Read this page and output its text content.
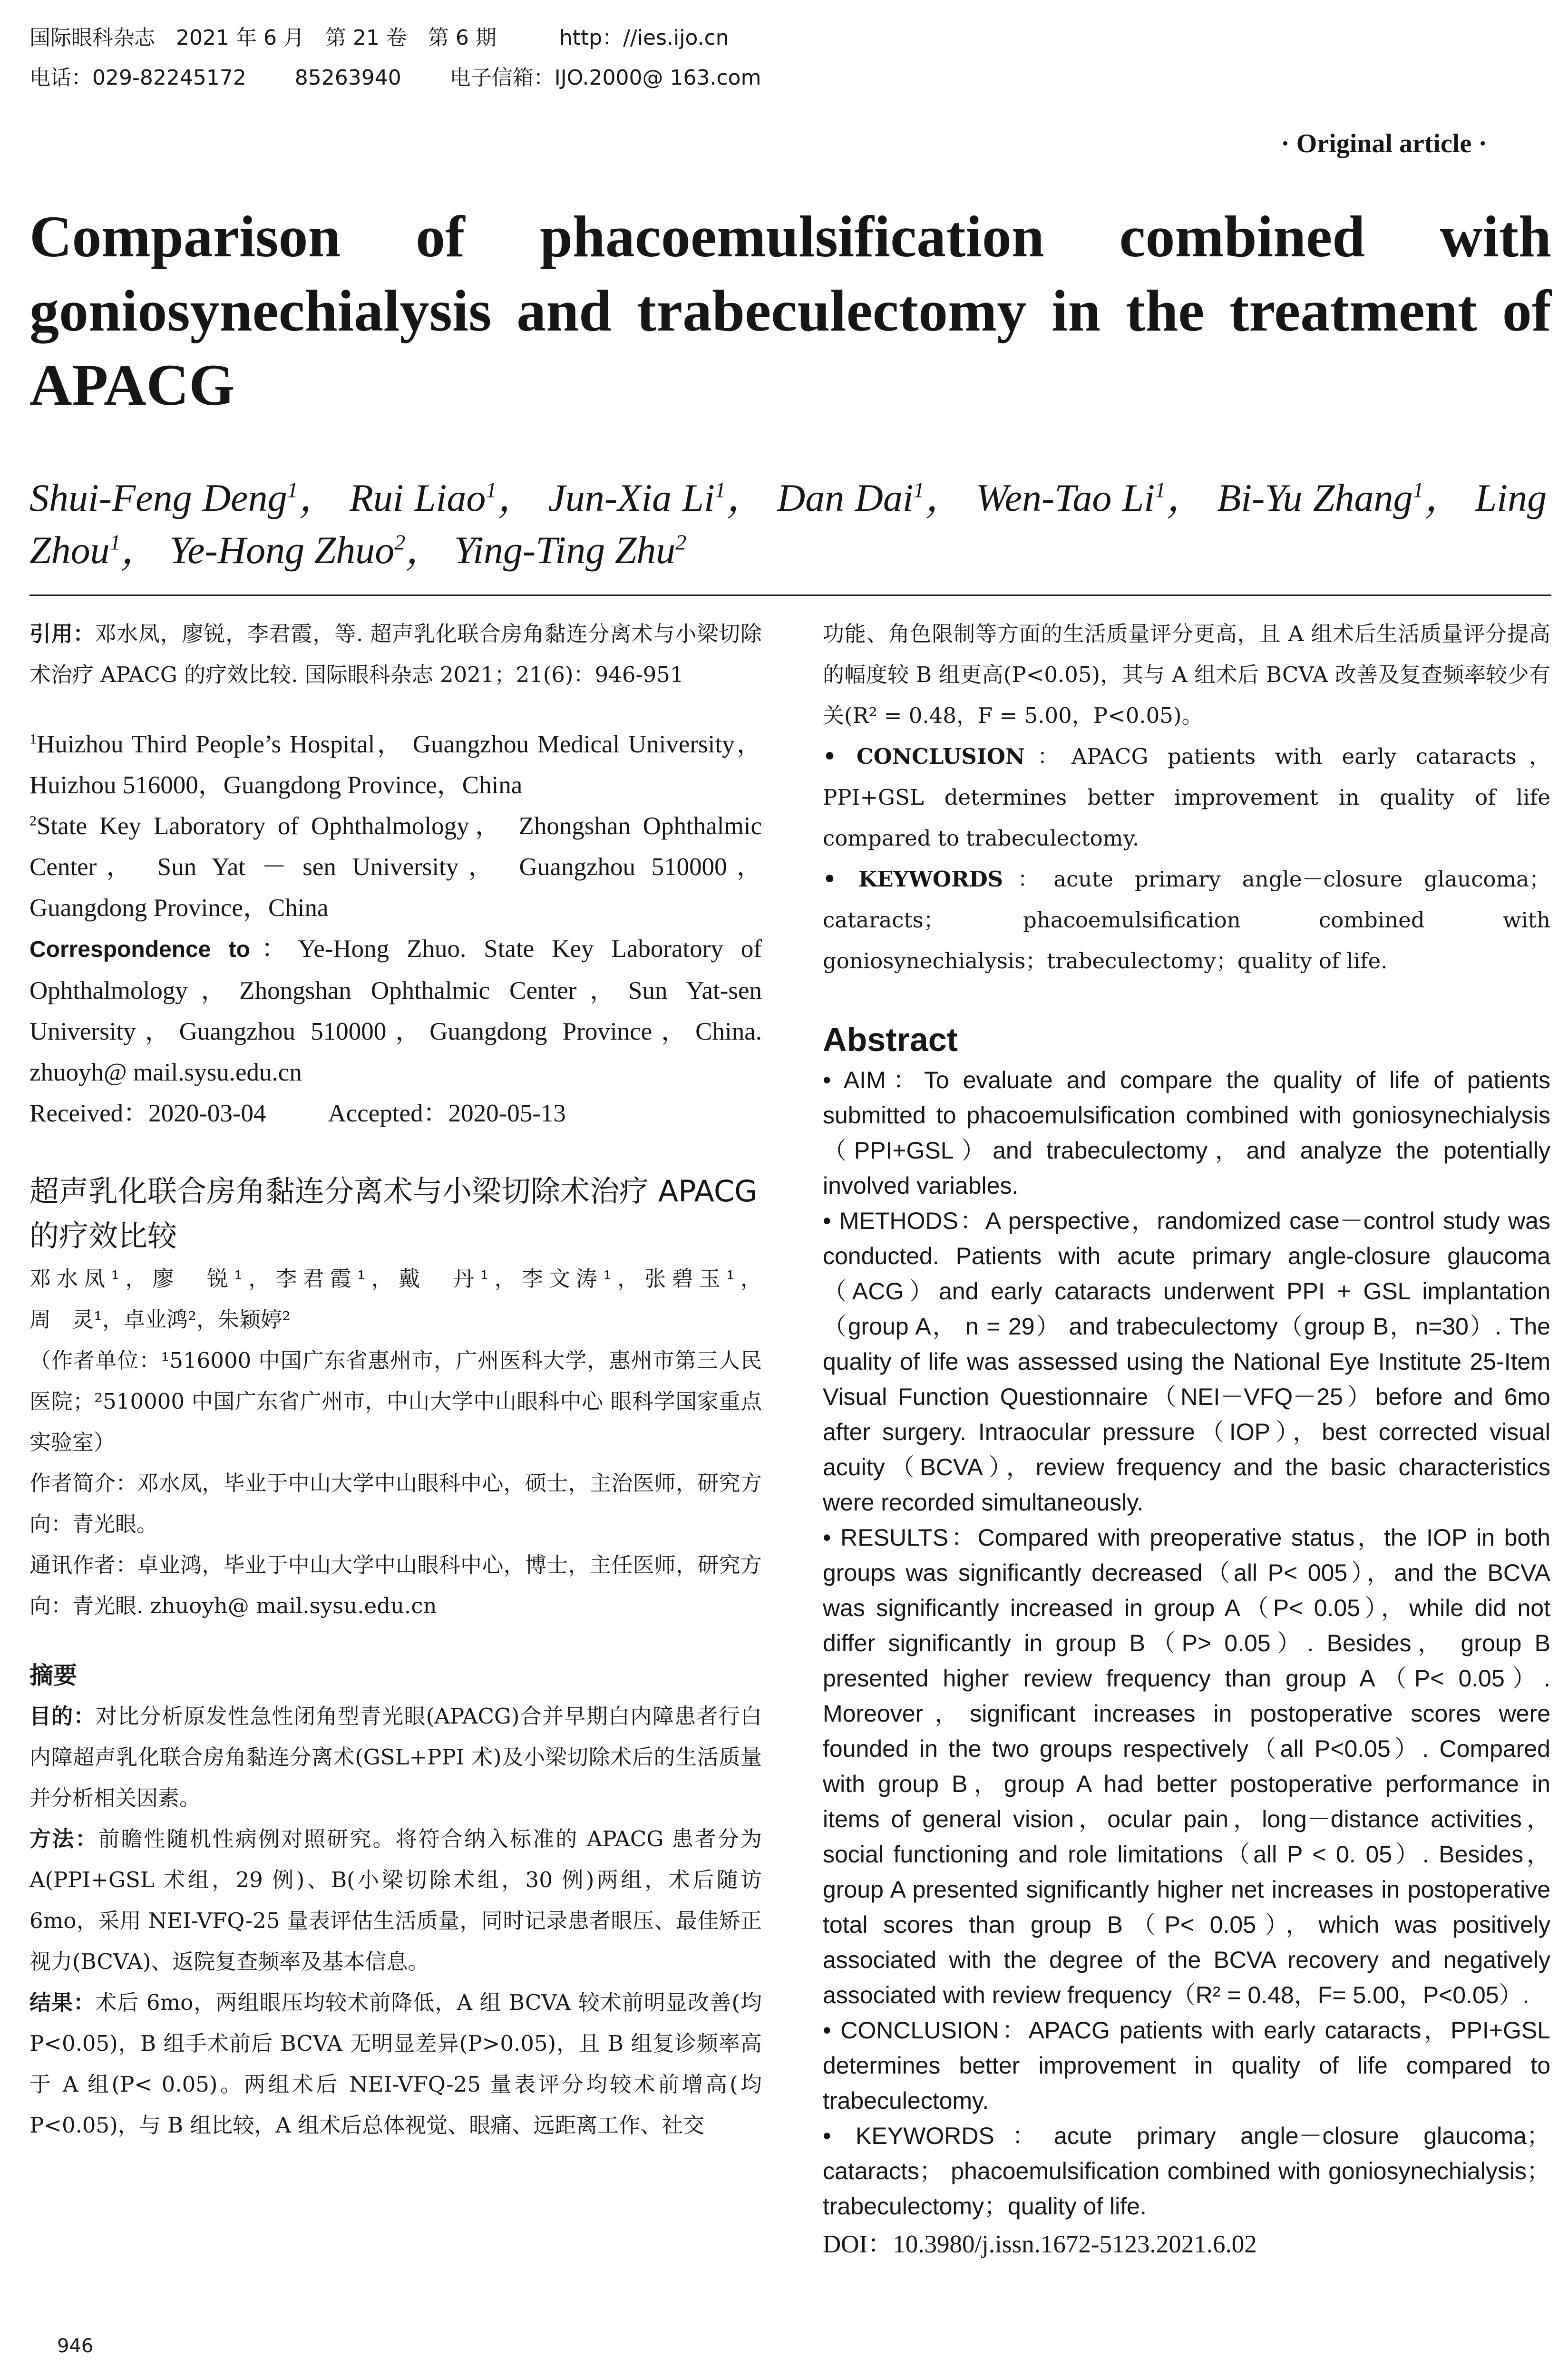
国际眼科杂志　2021 年 6 月　第 21 卷　第 6 期　　　http：//ies.ijo.cn
电话：029-82245172　　 85263940　　 电子信箱：IJO.2000@ 163.com
· Original article ·
Comparison of phacoemulsification combined with goniosynechialysis and trabeculectomy in the treatment of APACG

Shui-Feng Deng$^1$， Rui Liao$^1$， Jun-Xia Li$^1$， Dan Dai$^1$， Wen-Tao Li$^1$， Bi-Yu Zhang$^1$， Ling Zhou$^1$， Ye-Hong Zhuo$^2$， Ying-Ting Zhu$^2$

引用：邓水凤，廖锐，李君霞，等. 超声乳化联合房角黏连分离术与小梁切除术治疗 APACG 的疗效比较. 国际眼科杂志 2021；21(6)：946-951

$^1$Huizhou Third People’s Hospital， Guangzhou Medical University，Huizhou 516000，Guangdong Province，China

$^2$State Key Laboratory of Ophthalmology， Zhongshan Ophthalmic Center， Sun Yat － sen University， Guangzhou 510000，Guangdong Province，China

Correspondence to：Ye-Hong Zhuo. State Key Laboratory of Ophthalmology，Zhongshan Ophthalmic Center，Sun Yat-sen University，Guangzhou 510000，Guangdong Province，China. zhuoyh@ mail.sysu.edu.cn

Received：2020-03-04 Accepted：2020-05-13

超声乳化联合房角黏连分离术与小梁切除术治疗 APACG 的疗效比较

邓水凤¹，廖　锐¹，李君霞¹，戴　丹¹，李文涛¹，张碧玉¹，

周　灵¹，卓业鸿²，朱颖婷²

（作者单位：¹516000 中国广东省惠州市，广州医科大学，惠州市第三人民医院；²510000 中国广东省广州市，中山大学中山眼科中心 眼科学国家重点实验室）

作者简介：邓水凤，毕业于中山大学中山眼科中心，硕士，主治医师，研究方向：青光眼。

通讯作者：卓业鸿，毕业于中山大学中山眼科中心，博士，主任医师，研究方向：青光眼. zhuoyh@ mail.sysu.edu.cn

摘要

目的：对比分析原发性急性闭角型青光眼(APACG)合并早期白内障患者行白内障超声乳化联合房角黏连分离术(GSL+PPI 术)及小梁切除术后的生活质量并分析相关因素。

方法：前瞻性随机性病例对照研究。将符合纳入标准的 APACG 患者分为 A(PPI+GSL 术组，29 例)、B(小梁切除术组，30 例)两组，术后随访 6mo，采用 NEI-VFQ-25 量表评估生活质量，同时记录患者眼压、最佳矫正视力(BCVA)、返院复查频率及基本信息。

结果：术后 6mo，两组眼压均较术前降低，A 组 BCVA 较术前明显改善(均 P<0.05)，B 组手术前后 BCVA 无明显差异(P>0.05)，且 B 组复诊频率高于 A 组(P< 0.05)。两组术后 NEI-VFQ-25 量表评分均较术前增高(均 P<0.05)，与 B 组比较，A 组术后总体视觉、眼痛、远距离工作、社交

功能、角色限制等方面的生活质量评分更高，且 A 组术后生活质量评分提高的幅度较 B 组更高(P<0.05)，其与 A 组术后 BCVA 改善及复查频率较少有关(R² = 0.48，F = 5.00，P<0.05)。

• CONCLUSION：APACG patients with early cataracts，PPI+GSL determines better improvement in quality of life compared to trabeculectomy.

• KEYWORDS：acute primary angle－closure glaucoma；cataracts； phacoemulsification combined with goniosynechialysis；trabeculectomy；quality of life.

Abstract

• AIM：To evaluate and compare the quality of life of patients submitted to phacoemulsification combined with goniosynechialysis（PPI+GSL）and trabeculectomy，and analyze the potentially involved variables.

• METHODS：A perspective，randomized case－control study was conducted. Patients with acute primary angle-closure glaucoma（ACG）and early cataracts underwent PPI + GSL implantation （group A， n = 29） and trabeculectomy（group B，n=30）. The quality of life was assessed using the National Eye Institute 25-Item Visual Function Questionnaire（NEI－VFQ－25）before and 6mo after surgery. Intraocular pressure（IOP），best corrected visual acuity（BCVA），review frequency and the basic characteristics were recorded simultaneously.

• RESULTS：Compared with preoperative status，the IOP in both groups was significantly decreased（all P< 005），and the BCVA was significantly increased in group A（P< 0.05），while did not differ significantly in group B（P> 0.05）. Besides， group B presented higher review frequency than group A（P< 0.05）. Moreover，significant increases in postoperative scores were founded in the two groups respectively（all P<0.05）. Compared with group B，group A had better postoperative performance in items of general vision，ocular pain，long－distance activities，social functioning and role limitations（all P < 0. 05）. Besides，group A presented significantly higher net increases in postoperative total scores than group B（P< 0.05），which was positively associated with the degree of the BCVA recovery and negatively associated with review frequency（R² = 0.48，F= 5.00，P<0.05）.

• CONCLUSION：APACG patients with early cataracts，PPI+GSL determines better improvement in quality of life compared to trabeculectomy.

• KEYWORDS：acute primary angle－closure glaucoma；cataracts； phacoemulsification combined with goniosynechialysis；trabeculectomy；quality of life.

DOI：10.3980/j.issn.1672-5123.2021.6.02

946
